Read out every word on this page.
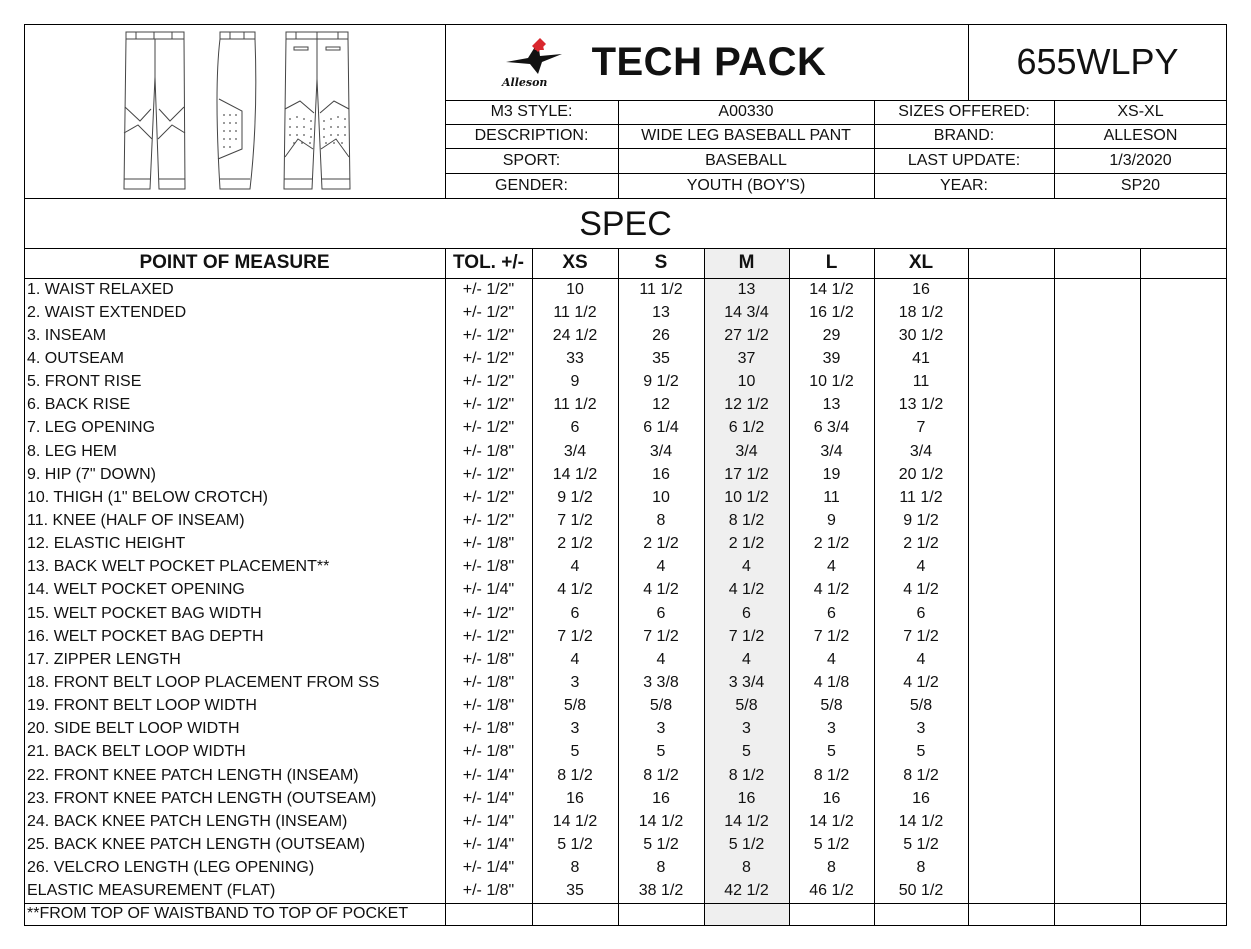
Alleson TECH PACK	655WLPY
M3 STYLE:	A00330
DESCRIPTION:	WIDE LEG BASEBALL PANT
SPORT:	BASEBALL
GENDER:	YOUTH (BOY'S)
SIZES OFFERED:	XS-XL
BRAND:	ALLESON
LAST UPDATE:	1/3/2020
YEAR:	SP20
SPEC
POINT OF MEASURE	TOL. +/-	XS	S	M	L	XL
1. WAIST RELAXED	+/- 1/2"	10	11 1/2	13	14 1/2	16
2. WAIST EXTENDED	+/- 1/2"	11 1/2	13	14 3/4	16 1/2	18 1/2
3. INSEAM	+/- 1/2"	24 1/2	26	27 1/2	29	30 1/2
4. OUTSEAM	+/- 1/2"	33	35	37	39	41
5. FRONT RISE	+/- 1/2"	9	9 1/2	10	10 1/2	11
6. BACK RISE	+/- 1/2"	11 1/2	12	12 1/2	13	13 1/2
7. LEG OPENING	+/- 1/2"	6	6 1/4	6 1/2	6 3/4	7
8. LEG HEM	+/- 1/8"	3/4	3/4	3/4	3/4	3/4
9. HIP (7" DOWN)	+/- 1/2"	14 1/2	16	17 1/2	19	20 1/2
10. THIGH (1" BELOW CROTCH)	+/- 1/2"	9 1/2	10	10 1/2	11	11 1/2
11. KNEE (HALF OF INSEAM)	+/- 1/2"	7 1/2	8	8 1/2	9	9 1/2
12. ELASTIC HEIGHT	+/- 1/8"	2 1/2	2 1/2	2 1/2	2 1/2	2 1/2
13. BACK WELT POCKET PLACEMENT**	+/- 1/8"	4	4	4	4	4
14. WELT POCKET OPENING	+/- 1/4"	4 1/2	4 1/2	4 1/2	4 1/2	4 1/2
15. WELT POCKET BAG WIDTH	+/- 1/2"	6	6	6	6	6
16. WELT POCKET BAG DEPTH	+/- 1/2"	7 1/2	7 1/2	7 1/2	7 1/2	7 1/2
17. ZIPPER LENGTH	+/- 1/8"	4	4	4	4	4
18. FRONT BELT LOOP PLACEMENT FROM SS	+/- 1/8"	3	3 3/8	3 3/4	4 1/8	4 1/2
19. FRONT BELT LOOP WIDTH	+/- 1/8"	5/8	5/8	5/8	5/8	5/8
20. SIDE BELT LOOP WIDTH	+/- 1/8"	3	3	3	3	3
21. BACK BELT LOOP WIDTH	+/- 1/8"	5	5	5	5	5
22. FRONT KNEE PATCH LENGTH (INSEAM)	+/- 1/4"	8 1/2	8 1/2	8 1/2	8 1/2	8 1/2
23. FRONT KNEE PATCH LENGTH (OUTSEAM)	+/- 1/4"	16	16	16	16	16
24. BACK KNEE PATCH LENGTH (INSEAM)	+/- 1/4"	14 1/2	14 1/2	14 1/2	14 1/2	14 1/2
25. BACK KNEE PATCH LENGTH (OUTSEAM)	+/- 1/4"	5 1/2	5 1/2	5 1/2	5 1/2	5 1/2
26. VELCRO LENGTH (LEG OPENING)	+/- 1/4"	8	8	8	8	8
ELASTIC MEASUREMENT (FLAT)	+/- 1/8"	35	38 1/2	42 1/2	46 1/2	50 1/2
**FROM TOP OF WAISTBAND TO TOP OF POCKET
